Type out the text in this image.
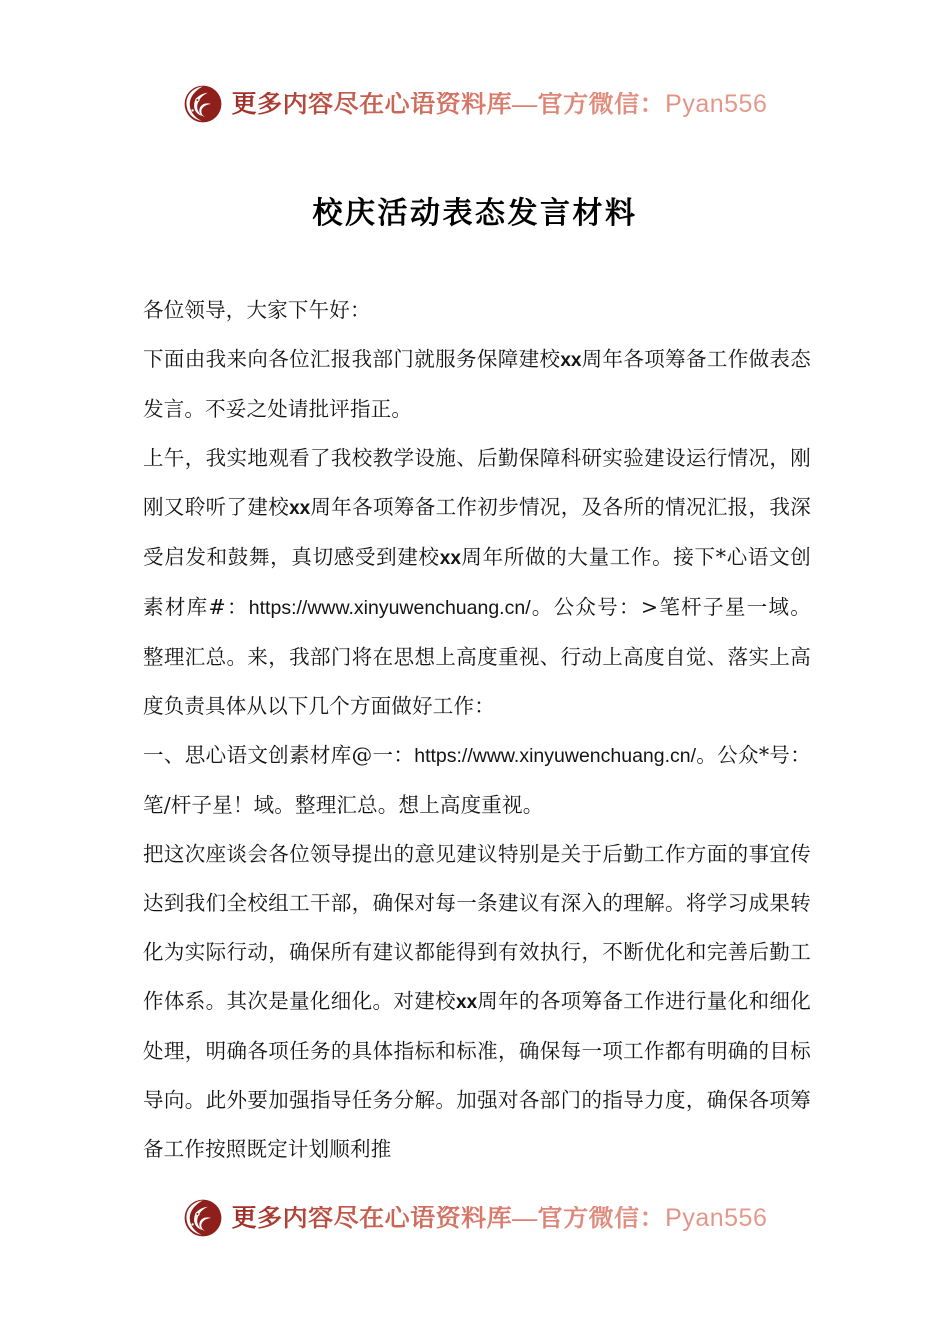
更多内容尽在心语资料库—官方微信：Pyan556
校庆活动表态发言材料

各位领导，大家下午好：

下面由我来向各位汇报我部门就服务保障建校xx周年各项筹备工作做表态发言。不妥之处请批评指正。

上午，我实地观看了我校教学设施、后勤保障科研实验建设运行情况，刚刚又聆听了建校xx周年各项筹备工作初步情况，及各所的情况汇报，我深受启发和鼓舞，真切感受到建校xx周年所做的大量工作。接下*心语文创素材库#：https://www.xinyuwenchuang.cn/。公众号：>笔杆子星一域。整理汇总。来，我部门将在思想上高度重视、行动上高度自觉、落实上高度负责具体从以下几个方面做好工作：

一、思心语文创素材库@一：https://www.xinyuwenchuang.cn/。公众*号：笔/杆子星！域。整理汇总。想上高度重视。

把这次座谈会各位领导提出的意见建议特别是关于后勤工作方面的事宜传达到我们全校组工干部，确保对每一条建议有深入的理解。将学习成果转化为实际行动，确保所有建议都能得到有效执行，不断优化和完善后勤工作体系。其次是量化细化。对建校xx周年的各项筹备工作进行量化和细化处理，明确各项任务的具体指标和标准，确保每一项工作都有明确的目标导向。此外要加强指导任务分解。加强对各部门的指导力度，确保各项筹备工作按照既定计划顺利推

更多内容尽在心语资料库—官方微信：Pyan556
